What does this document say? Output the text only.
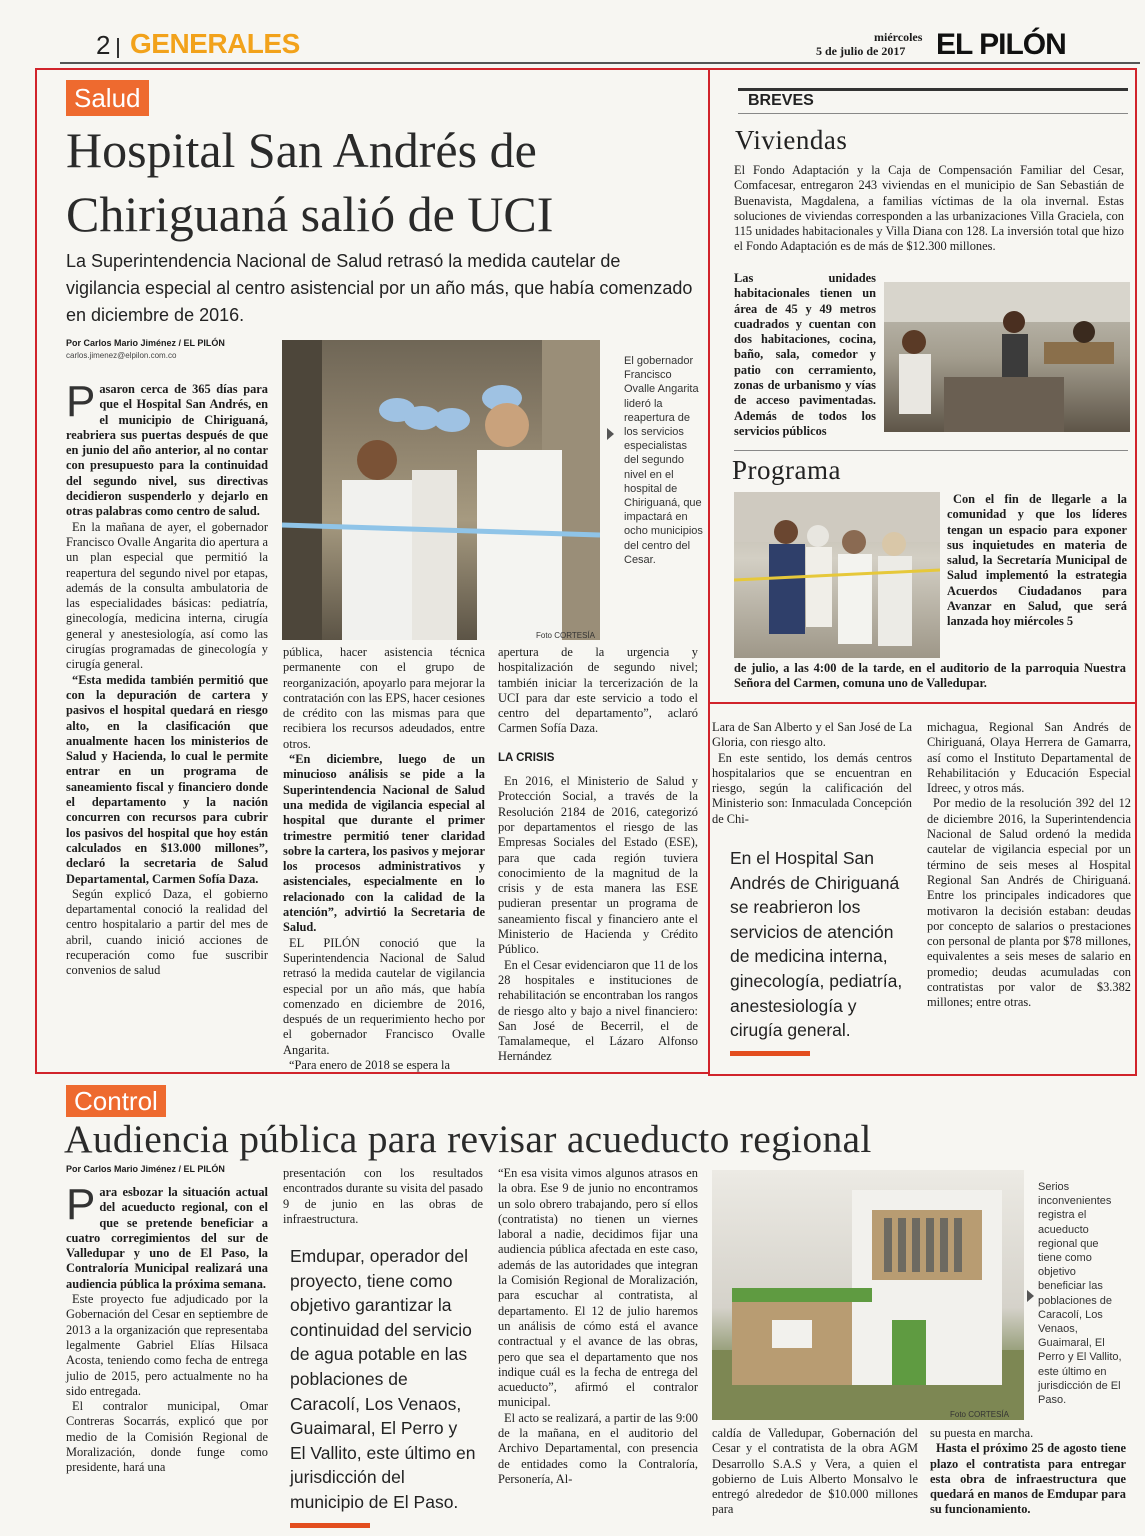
2 GENERALES	miércoles
5 de julio de 2017 EL PILÓN
Salud
Hospital San Andrés de
Chiriguaná salió de UCI
La Superintendencia Nacional de Salud retrasó la medida cautelar de vigilancia especial al centro asistencial por un año más, que había comenzado en diciembre de 2016.
Por Carlos Mario Jiménez / EL PILÓN
carlos.jimenez@elpilon.com.co
Foto CORTESÍA
El gobernador Francisco Ovalle Angarita lideró la reapertura de los servicios especialistas del segundo nivel en el hospital de Chiriguaná, que impactará en ocho municipios del centro del Cesar.
P asaron cerca de 365 días para que el Hospital San Andrés, en el municipio de Chiriguaná, reabriera sus puertas después de que en junio del año anterior, al no contar con presupuesto para la continuidad del segundo nivel, sus directivas decidieron suspenderlo y dejarlo en otras palabras como centro de salud.

En la mañana de ayer, el gobernador Francisco Ovalle Angarita dio apertura a un plan especial que permitió la reapertura del segundo nivel por etapas, además de la consulta ambulatoria de las especialidades básicas: pediatría, ginecología, medicina interna, cirugía general y anestesiología, así como las cirugías programadas de ginecología y cirugía general.

“Esta medida también permitió que con la depuración de cartera y pasivos el hospital quedará en riesgo alto, en la clasificación que anualmente hacen los ministerios de Salud y Hacienda, lo cual le permite entrar en un programa de saneamiento fiscal y financiero donde el departamento y la nación concurren con recursos para cubrir los pasivos del hospital que hoy están calculados en $13.000 millones”, declaró la secretaria de Salud Departamental, Carmen Sofía Daza.

Según explicó Daza, el gobierno departamental conoció la realidad del centro hospitalario a partir del mes de abril, cuando inició acciones de recuperación como fue suscribir convenios de salud

pública, hacer asistencia técnica permanente con el grupo de reorganización, apoyarlo para mejorar la contratación con las EPS, hacer cesiones de crédito con las mismas para que recibiera los recursos adeudados, entre otros.

“En diciembre, luego de un minucioso análisis se pide a la Superintendencia Nacional de Salud una medida de vigilancia especial al hospital que durante el primer trimestre permitió tener claridad sobre la cartera, los pasivos y mejorar los procesos administrativos y asistenciales, especialmente en lo relacionado con la calidad de la atención”, advirtió la Secretaria de Salud.

EL PILÓN conoció que la Superintendencia Nacional de Salud retrasó la medida cautelar de vigilancia especial por un año más, que había comenzado en diciembre de 2016, después de un requerimiento hecho por el gobernador Francisco Ovalle Angarita.

“Para enero de 2018 se espera la

apertura de la urgencia y hospitalización de segundo nivel; también iniciar la tercerización de la UCI para dar este servicio a todo el centro del departamento”, aclaró Carmen Sofía Daza.

LA CRISIS

En 2016, el Ministerio de Salud y Protección Social, a través de la Resolución 2184 de 2016, categorizó por departamentos el riesgo de las Empresas Sociales del Estado (ESE), para que cada región tuviera conocimiento de la magnitud de la crisis y de esta manera las ESE pudieran presentar un programa de saneamiento fiscal y financiero ante el Ministerio de Hacienda y Crédito Público.

En el Cesar evidenciaron que 11 de los 28 hospitales e instituciones de rehabilitación se encontraban los rangos de riesgo alto y bajo a nivel financiero: San José de Becerril, el de Tamalameque, el Lázaro Alfonso Hernández

Lara de San Alberto y el San José de La Gloria, con riesgo alto.

En este sentido, los demás centros hospitalarios que se encuentran en riesgo, según la calificación del Ministerio son: Inmaculada Concepción de Chi-

En el Hospital San Andrés de Chiriguaná se reabrieron los servicios de atención de medicina interna, ginecología, pediatría, anestesiología y cirugía general.

michagua, Regional San Andrés de Chiriguaná, Olaya Herrera de Gamarra, así como el Instituto Departamental de Rehabilitación y Educación Especial Idreec, y otros más.

Por medio de la resolución 392 del 12 de diciembre 2016, la Superintendencia Nacional de Salud ordenó la medida cautelar de vigilancia especial por un término de seis meses al Hospital Regional San Andrés de Chiriguaná. Entre los principales indicadores que motivaron la decisión estaban: deudas por concepto de salarios o prestaciones con personal de planta por $78 millones, equivalentes a seis meses de salario en promedio; deudas acumuladas con contratistas por valor de $3.382 millones; entre otras.

BREVES
Viviendas

El Fondo Adaptación y la Caja de Compensación Familiar del Cesar, Comfacesar, entregaron 243 viviendas en el municipio de San Sebastián de Buenavista, Magdalena, a familias víctimas de la ola invernal. Estas soluciones de viviendas corresponden a las urbanizaciones Villa Graciela, con 115 unidades habitacionales y Villa Diana con 128. La inversión total que hizo el Fondo Adaptación es de más de $12.300 millones.

Las unidades habitacionales tienen un área de 45 y 49 metros cuadrados y cuentan con dos habitaciones, cocina, baño, sala, comedor y patio con cerramiento, zonas de urbanismo y vías de acceso pavimentadas. Además de todos los servicios públicos

Programa

Con el fin de llegarle a la comunidad y que los líderes tengan un espacio para exponer sus inquietudes en materia de salud, la Secretaría Municipal de Salud implementó la estrategia Acuerdos Ciudadanos para Avanzar en Salud, que será lanzada hoy miércoles 5

de julio, a las 4:00 de la tarde, en el auditorio de la parroquia Nuestra Señora del Carmen, comuna uno de Valledupar.

Control
Audiencia pública para revisar acueducto regional
Por Carlos Mario Jiménez / EL PILÓN
P ara esbozar la situación actual del acueducto regional, con el que se pretende beneficiar a cuatro corregimientos del sur de Valledupar y uno de El Paso, la Contraloría Municipal realizará una audiencia pública la próxima semana.

Este proyecto fue adjudicado por la Gobernación del Cesar en septiembre de 2013 a la organización que representaba legalmente Gabriel Elías Hilsaca Acosta, teniendo como fecha de entrega julio de 2015, pero actualmente no ha sido entregada.

El contralor municipal, Omar Contreras Socarrás, explicó que por medio de la Comisión Regional de Moralización, donde funge como presidente, hará una

presentación con los resultados encontrados durante su visita del pasado 9 de junio en las obras de infraestructura.

Emdupar, operador del proyecto, tiene como objetivo garantizar la continuidad del servicio de agua potable en las poblaciones de Caracolí, Los Venaos, Guaimaral, El Perro y El Vallito, este último en jurisdicción del municipio de El Paso.

“En esa visita vimos algunos atrasos en la obra. Ese 9 de junio no encontramos un solo obrero trabajando, pero sí ellos (contratista) no tienen un viernes laboral a nadie, decidimos fijar una audiencia pública afectada en este caso, además de las autoridades que integran la Comisión Regional de Moralización, para escuchar al contratista, al departamento. El 12 de julio haremos un análisis de cómo está el avance contractual y el avance de las obras, pero que sea el departamento que nos indique cuál es la fecha de entrega del acueducto”, afirmó el contralor municipal.

El acto se realizará, a partir de las 9:00 de la mañana, en el auditorio del Archivo Departamental, con presencia de entidades como la Contraloría, Personería, Al-

Foto CORTESÍA
Serios inconvenientes registra el acueducto regional que tiene como objetivo beneficiar las poblaciones de Caracolí, Los Venaos, Guaimaral, El Perro y El Vallito, este último en jurisdicción de El Paso.

caldía de Valledupar, Gobernación del Cesar y el contratista de la obra AGM Desarrollo S.A.S y Vera, a quien el gobierno de Luis Alberto Monsalvo le entregó alrededor de $10.000 millones para

su puesta en marcha.

Hasta el próximo 25 de agosto tiene plazo el contratista para entregar esta obra de infraestructura que quedará en manos de Emdupar para su funcionamiento.
